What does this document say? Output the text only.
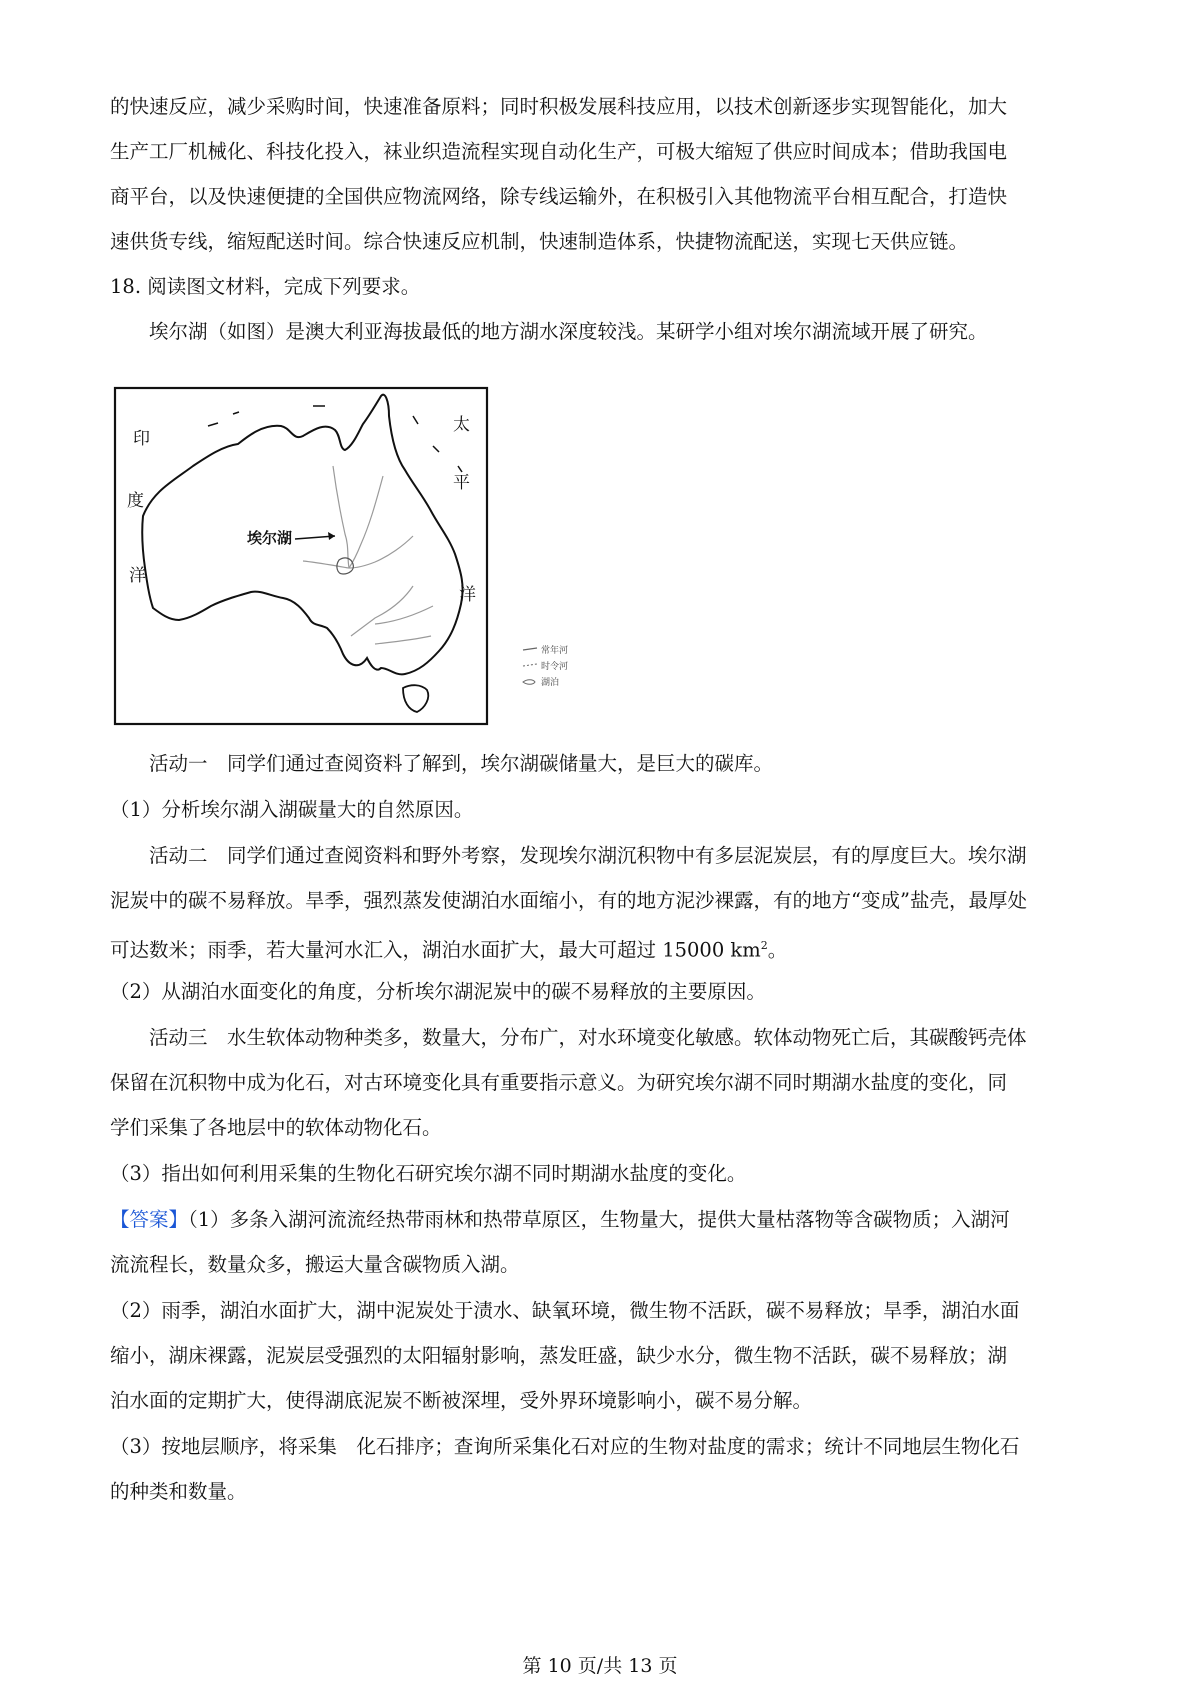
的快速反应，减少采购时间，快速准备原料；同时积极发展科技应用，以技术创新逐步实现智能化，加大

生产工厂机械化、科技化投入，袜业织造流程实现自动化生产，可极大缩短了供应时间成本；借助我国电

商平台，以及快速便捷的全国供应物流网络，除专线运输外，在积极引入其他物流平台相互配合，打造快

速供货专线，缩短配送时间。综合快速反应机制，快速制造体系，快捷物流配送，实现七天供应链。

18. 阅读图文材料，完成下列要求。

埃尔湖（如图）是澳大利亚海拔最低的地方湖水深度较浅。某研学小组对埃尔湖流域开展了研究。

埃尔湖
印
度
洋
太
平
洋
常年河
时令河
湖泊

活动一　同学们通过查阅资料了解到，埃尔湖碳储量大，是巨大的碳库。

（1）分析埃尔湖入湖碳量大的自然原因。

活动二　同学们通过查阅资料和野外考察，发现埃尔湖沉积物中有多层泥炭层，有的厚度巨大。埃尔湖

泥炭中的碳不易释放。旱季，强烈蒸发使湖泊水面缩小，有的地方泥沙裸露，有的地方“变成”盐壳，最厚处

可达数米；雨季，若大量河水汇入，湖泊水面扩大，最大可超过 15000 $km^2$。

（2）从湖泊水面变化的角度，分析埃尔湖泥炭中的碳不易释放的主要原因。

活动三　水生软体动物种类多，数量大，分布广，对水环境变化敏感。软体动物死亡后，其碳酸钙壳体

保留在沉积物中成为化石，对古环境变化具有重要指示意义。为研究埃尔湖不同时期湖水盐度的变化，同

学们采集了各地层中的软体动物化石。

（3）指出如何利用采集的生物化石研究埃尔湖不同时期湖水盐度的变化。

【答案】（1）多条入湖河流流经热带雨林和热带草原区，生物量大，提供大量枯落物等含碳物质；入湖河

流流程长，数量众多，搬运大量含碳物质入湖。

（2）雨季，湖泊水面扩大，湖中泥炭处于渍水、缺氧环境，微生物不活跃，碳不易释放；旱季，湖泊水面

缩小，湖床裸露，泥炭层受强烈的太阳辐射影响，蒸发旺盛，缺少水分，微生物不活跃，碳不易释放；湖

泊水面的定期扩大，使得湖底泥炭不断被深埋，受外界环境影响小，碳不易分解。

（3）按地层顺序，将采集　化石排序；查询所采集化石对应的生物对盐度的需求；统计不同地层生物化石

的种类和数量。

第 10 页/共 13 页
